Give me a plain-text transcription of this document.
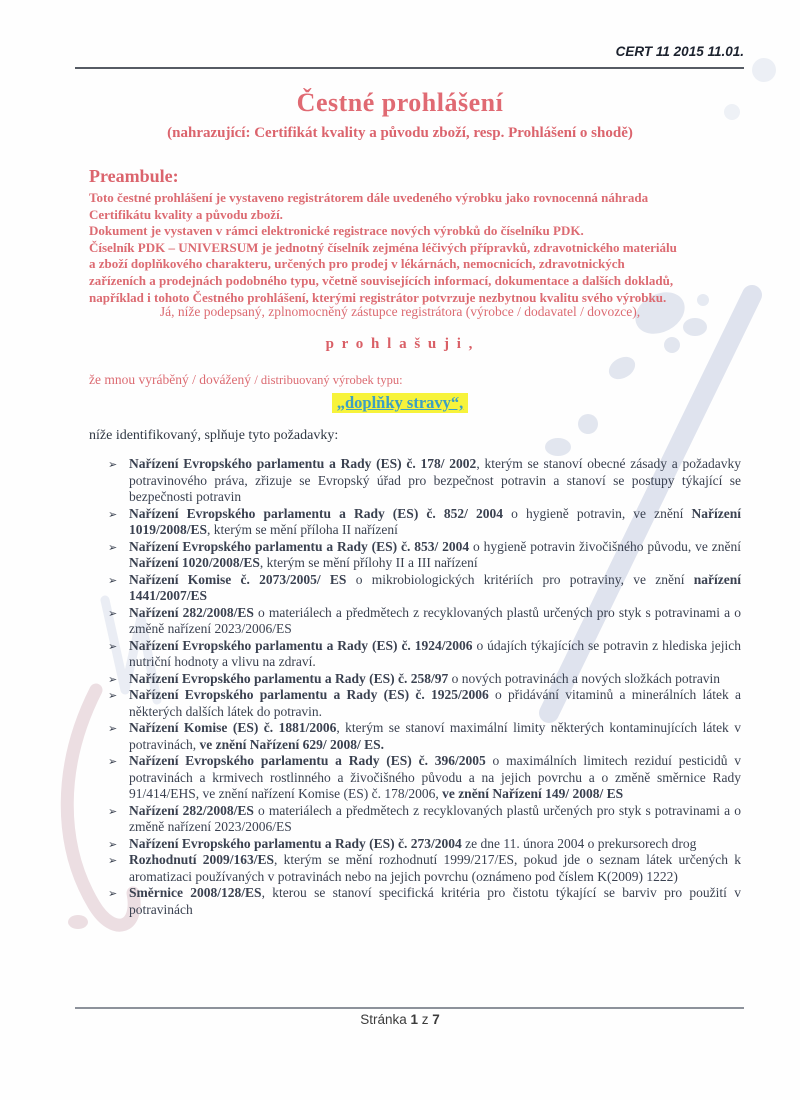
CERT 11 2015 11.01.
Čestné prohlášení
(nahrazující: Certifikát kvality a původu zboží, resp. Prohlášení o shodě)
Preambule:
Toto čestné prohlášení je vystaveno registrátorem dále uvedeného výrobku jako rovnocenná náhrada
Certifikátu kvality a původu zboží.
Dokument je vystaven v rámci elektronické registrace nových výrobků do číselníku PDK.
Číselník PDK – UNIVERSUM je jednotný číselník zejména léčivých přípravků, zdravotnického materiálu
a zboží doplňkového charakteru, určených pro prodej v lékárnách, nemocnicích, zdravotnických
zařízeních a prodejnách podobného typu, včetně souvisejících informací, dokumentace a dalších dokladů,
například i tohoto Čestného prohlášení, kterými registrátor potvrzuje nezbytnou kvalitu svého výrobku.
Já, níže podepsaný, zplnomocněný zástupce registrátora (výrobce / dodavatel / dovozce),
p r o h l a š u j i ,
že mnou vyráběný / dovážený / distribuovaný výrobek typu:
„doplňky stravy“,
níže identifikovaný, splňuje tyto požadavky:
➢ Nařízení Evropského parlamentu a Rady (ES) č. 178/ 2002, kterým se stanoví obecné zásady a požadavky potravinového práva, zřizuje se Evropský úřad pro bezpečnost potravin a stanoví se postupy týkající se bezpečnosti potravin
➢ Nařízení Evropského parlamentu a Rady (ES) č. 852/ 2004 o hygieně potravin, ve znění Nařízení 1019/2008/ES, kterým se mění příloha II nařízení
➢ Nařízení Evropského parlamentu a Rady (ES) č. 853/ 2004 o hygieně potravin živočišného původu, ve znění Nařízení 1020/2008/ES, kterým se mění přílohy II a III nařízení
➢ Nařízení Komise č. 2073/2005/ ES o mikrobiologických kritériích pro potraviny, ve znění nařízení 1441/2007/ES
➢ Nařízení 282/2008/ES o materiálech a předmětech z recyklovaných plastů určených pro styk s potravinami a o změně nařízení 2023/2006/ES
➢ Nařízení Evropského parlamentu a Rady (ES) č. 1924/2006 o údajích týkajících se potravin z hlediska jejich nutriční hodnoty a vlivu na zdraví.
➢ Nařízení Evropského parlamentu a Rady (ES) č. 258/97 o nových potravinách a nových složkách potravin
➢ Nařízení Evropského parlamentu a Rady (ES) č. 1925/2006 o přidávání vitaminů a minerálních látek a některých dalších látek do potravin.
➢ Nařízení Komise (ES) č. 1881/2006, kterým se stanoví maximální limity některých kontaminujících látek v potravinách, ve znění Nařízení 629/ 2008/ ES.
➢ Nařízení Evropského parlamentu a Rady (ES) č. 396/2005 o maximálních limitech reziduí pesticidů v potravinách a krmivech rostlinného a živočišného původu a na jejich povrchu a o změně směrnice Rady 91/414/EHS, ve znění nařízení Komise (ES) č. 178/2006, ve znění Nařízení 149/ 2008/ ES
➢ Nařízení 282/2008/ES o materiálech a předmětech z recyklovaných plastů určených pro styk s potravinami a o změně nařízení 2023/2006/ES
➢ Nařízení Evropského parlamentu a Rady (ES) č. 273/2004 ze dne 11. února 2004 o prekursorech drog
➢ Rozhodnutí 2009/163/ES, kterým se mění rozhodnutí 1999/217/ES, pokud jde o seznam látek určených k aromatizaci používaných v potravinách nebo na jejich povrchu (oznámeno pod číslem K(2009) 1222)
➢ Směrnice 2008/128/ES, kterou se stanoví specifická kritéria pro čistotu týkající se barviv pro použití v potravinách
Stránka 1 z 7
